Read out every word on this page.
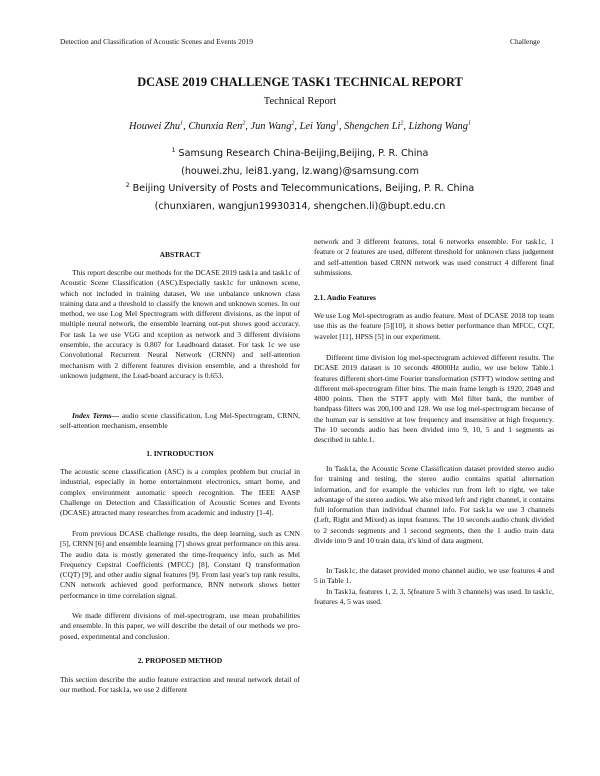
Detection and Classification of Acoustic Scenes and Events 2019	Challenge
DCASE 2019 CHALLENGE TASK1 TECHNICAL REPORT
Technical Report
Houwei Zhu$^1$, Chunxia Ren$^2$, Jun Wang$^2$, Lei Yang$^1$, Shengchen Li$^2$, Lizhong Wang$^1$
$^1$ Samsung Research China-Beijing,Beijing, P. R. China
(houwei.zhu, lei81.yang, lz.wang)@samsung.com
$^2$ Beijing University of Posts and Telecommunications, Beijing, P. R. China
(chunxiaren, wangjun19930314, shengchen.li)@bupt.edu.cn
ABSTRACT
This report describe our methods for the DCASE 2019 task1a and task1c of Acoustic Scene Classification (ASC).Especially task1c for unknown scene, which not included in training dataset, We use unbalance unknown class training data and a threshold to classify the known and unknown scenes. In our method, we use Log Mel Spectrogram with different divisions, as the input of multiple neural network, the ensemble learning out-put shows good accuracy. For task 1a we use VGG and xception as network and 3 different divisions ensemble, the accuracy is 0.807 for Leadboard dataset. For task 1c we use Convolutional Recurrent Neural Network (CRNN) and self-attention mechanism with 2 different features division ensemble, and a threshold for unknown judgment, the Lead-board accuracy is 0.653.
Index Terms— audio scene classification, Log Mel-Spectrogram, CRNN, self-attention mechanism, ensemble
1. INTRODUCTION
The acoustic scene classification (ASC) is a complex problem but crucial in industrial, especially in home entertainment electronics, smart home, and complex environment automatic speech recognition. The IEEE AASP Challenge on Detection and Classification of Acoustic Scenes and Events (DCASE) attracted many researches from academic and industry [1-4].
From previous DCASE challenge results, the deep learning, such as CNN [5], CRNN [6] and ensemble learning [7] shows great performance on this area. The audio data is mostly generated the time-frequency info, such as Mel Frequency Cepstral Coefficients (MFCC) [8], Constant Q transformation (CQT) [9], and other audio signal features [9]. From last year's top rank results, CNN network achieved good performance, RNN network shows better performance in time correlation signal.
We made different divisions of mel-spectrogram, use mean probabilities and ensemble. In this paper, we will describe the detail of our methods we pro-posed, experimental and conclusion.
2. PROPOSED METHOD
This section describe the audio feature extraction and neural network detail of our method. For task1a, we use 2 different
network and 3 different features, total 6 networks ensemble. For task1c, 1 feature or 2 features are used, different threshold for unknown class judgement and self-attention based CRNN network was used construct 4 different final submissions.
2.1. Audio Features
We use Log Mel-spectrogram as audio feature. Most of DCASE 2018 top team use this as the feature [5][10], it shows better performance than MFCC, CQT, wavelet [11], HPSS [5] in our experiment.
Different time division log mel-spectrogram achieved different results. The DCASE 2019 dataset is 10 seconds 48000Hz audio, we use below Table.1 features different short-time Fourier transformation (STFT) window setting and different mel-spectrogram filter bins. The main frame length is 1920, 2048 and 4800 points. Then the STFT apply with Mel filter bank, the number of bandpass filters was 200,100 and 128. We use log mel-spectrogram because of the human ear is sensitive at low frequency and insensitive at high frequency. The 10 seconds audio has been divided into 9, 10, 5 and 1 segments as described in table.1.
In Task1a, the Acoustic Scene Classification dataset provided stereo audio for training and testing, the stereo audio contains spatial alternation information, and for example the vehicles run from left to right, we take advantage of the stereo audios. We also mixed left and right channel, it contains full information than individual channel info. For task1a we use 3 channels (Left, Right and Mixed) as input features. The 10 seconds audio chunk divided to 2 seconds segments and 1 second segments, then the 1 audio train data divide into 9 and 10 train data, it's kind of data augment.
In Task1c, the dataset provided mono channel audio, we use features 4 and 5 in Table 1.
In Task1a, features 1, 2, 3, 5(feature 5 with 3 channels) was used. In task1c, features 4, 5 was used.
